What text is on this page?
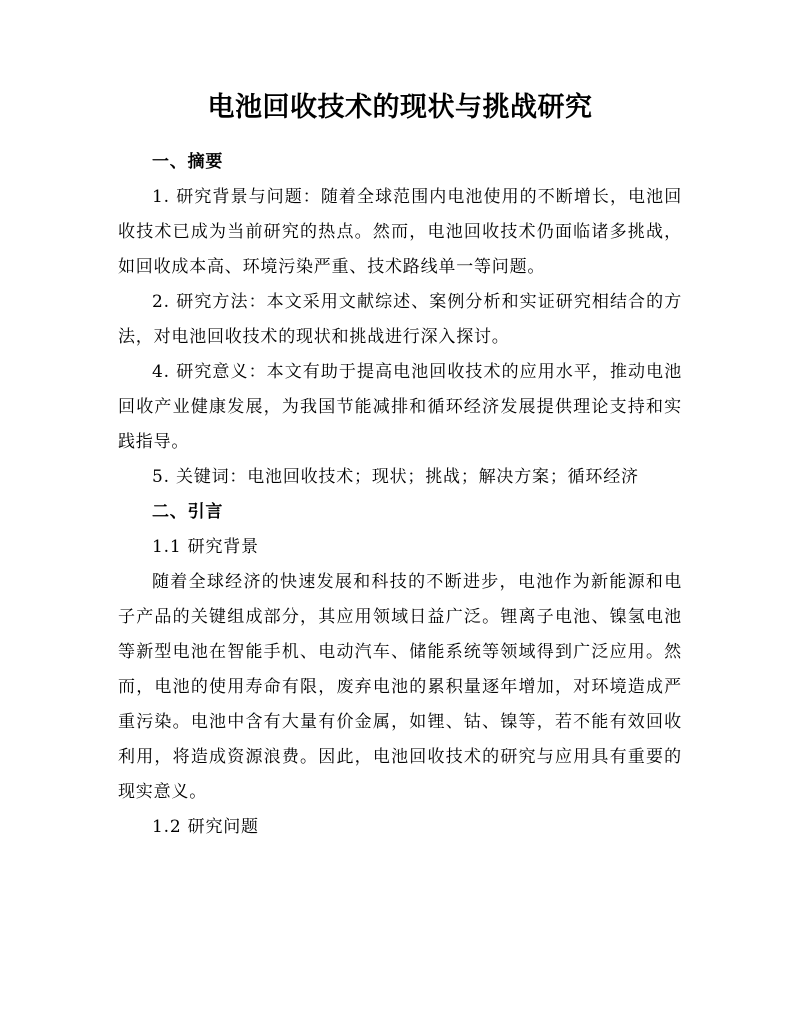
电池回收技术的现状与挑战研究
一、摘要

1. 研究背景与问题：随着全球范围内电池使用的不断增长，电池回收技术已成为当前研究的热点。然而，电池回收技术仍面临诸多挑战，如回收成本高、环境污染严重、技术路线单一等问题。

2. 研究方法：本文采用文献综述、案例分析和实证研究相结合的方法，对电池回收技术的现状和挑战进行深入探讨。

4. 研究意义：本文有助于提高电池回收技术的应用水平，推动电池回收产业健康发展，为我国节能减排和循环经济发展提供理论支持和实践指导。

5. 关键词：电池回收技术；现状；挑战；解决方案；循环经济

二、引言
1.1 研究背景

随着全球经济的快速发展和科技的不断进步，电池作为新能源和电子产品的关键组成部分，其应用领域日益广泛。锂离子电池、镍氢电池等新型电池在智能手机、电动汽车、储能系统等领域得到广泛应用。然而，电池的使用寿命有限，废弃电池的累积量逐年增加，对环境造成严重污染。电池中含有大量有价金属，如锂、钴、镍等，若不能有效回收利用，将造成资源浪费。因此，电池回收技术的研究与应用具有重要的现实意义。

1.2 研究问题
